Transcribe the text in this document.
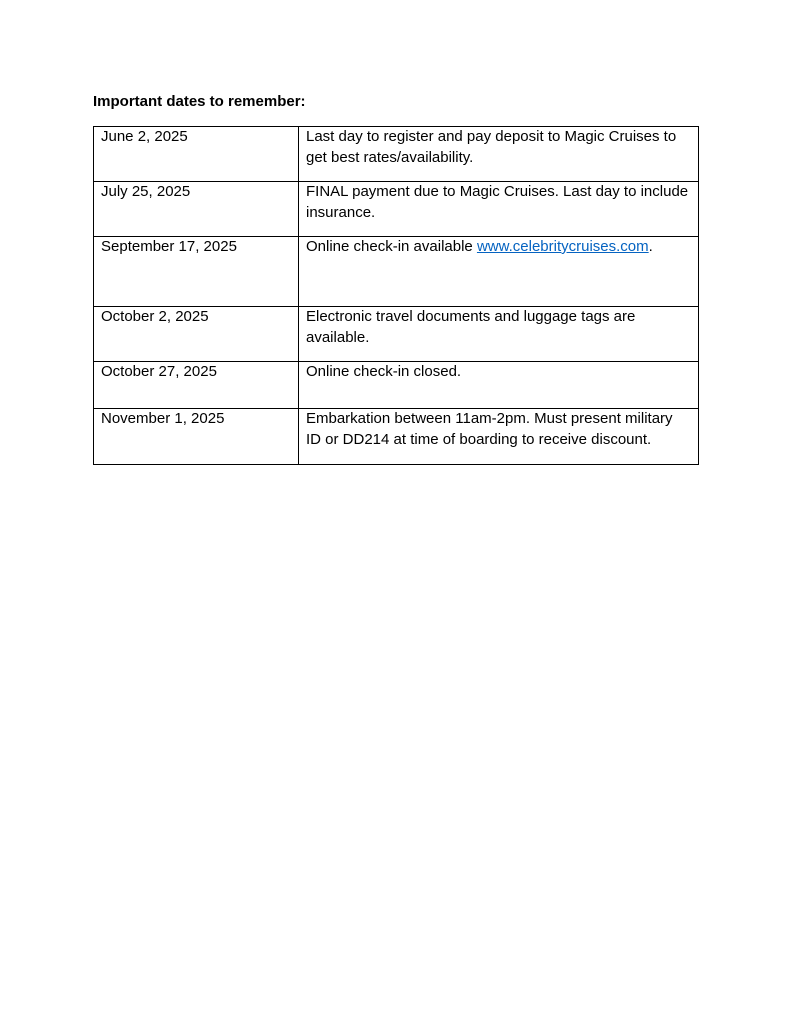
Important dates to remember:
June 2, 2025	Last day to register and pay deposit to Magic Cruises to get best rates/availability.
July 25, 2025	FINAL payment due to Magic Cruises. Last day to include insurance.
September 17, 2025	Online check-in available www.celebritycruises.com.
October 2, 2025	Electronic travel documents and luggage tags are available.
October 27, 2025	Online check-in closed.
November 1, 2025	Embarkation between 11am-2pm. Must present military ID or DD214 at time of boarding to receive discount.
